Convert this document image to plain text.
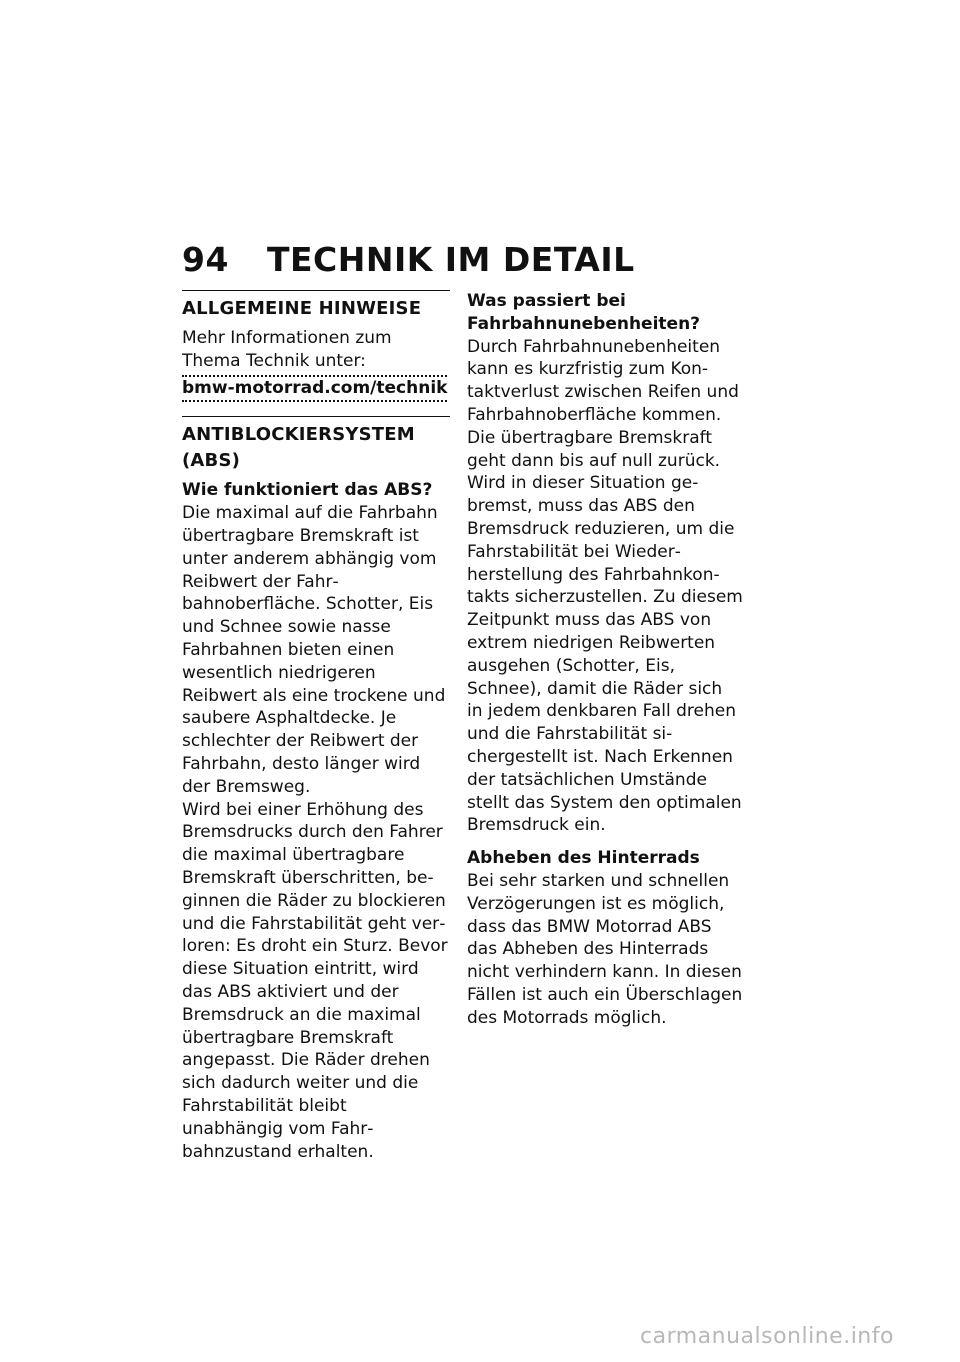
94 TECHNIK IM DETAIL
ALLGEMEINE HINWEISE

Mehr Informationen zum Thema Technik unter:

bmw-motorrad.com/technik
ANTIBLOCKIERSYSTEM (ABS)

Wie funktioniert das ABS?

Die maximal auf die Fahrbahn übertragbare Bremskraft ist unter anderem abhängig vom Reibwert der Fahrbahnoberfläche. Schotter, Eis und Schnee sowie nasse Fahrbahnen bieten einen wesentlich niedrigeren Reibwert als eine trockene und saubere Asphaltdecke. Je schlechter der Reibwert der Fahrbahn, desto länger wird der Bremsweg.

Wird bei einer Erhöhung des Bremsdrucks durch den Fahrer die maximal übertragbare Bremskraft überschritten, beginnen die Räder zu blockieren und die Fahrstabilität geht verloren: Es droht ein Sturz. Bevor diese Situation eintritt, wird das ABS aktiviert und der Bremsdruck an die maximal übertragbare Bremskraft angepasst. Die Räder drehen sich dadurch weiter und die Fahrstabilität bleibt unabhängig vom Fahrbahnzustand erhalten.

Was passiert bei Fahrbahnunebenheiten?

Durch Fahrbahnunebenheiten kann es kurzfristig zum Kontaktverlust zwischen Reifen und Fahrbahnoberfläche kommen. Die übertragbare Bremskraft geht dann bis auf null zurück. Wird in dieser Situation gebremst, muss das ABS den Bremsdruck reduzieren, um die Fahrstabilität bei Wiederherstellung des Fahrbahnkontakts sicherzustellen. Zu diesem Zeitpunkt muss das ABS von extrem niedrigen Reibwerten ausgehen (Schotter, Eis, Schnee), damit die Räder sich in jedem denkbaren Fall drehen und die Fahrstabilität sichergestellt ist. Nach Erkennen der tatsächlichen Umstände stellt das System den optimalen Bremsdruck ein.

Abheben des Hinterrads

Bei sehr starken und schnellen Verzögerungen ist es möglich, dass das BMW Motorrad ABS das Abheben des Hinterrads nicht verhindern kann. In diesen Fällen ist auch ein Überschlagen des Motorrads möglich.

carmanualsonline.info
